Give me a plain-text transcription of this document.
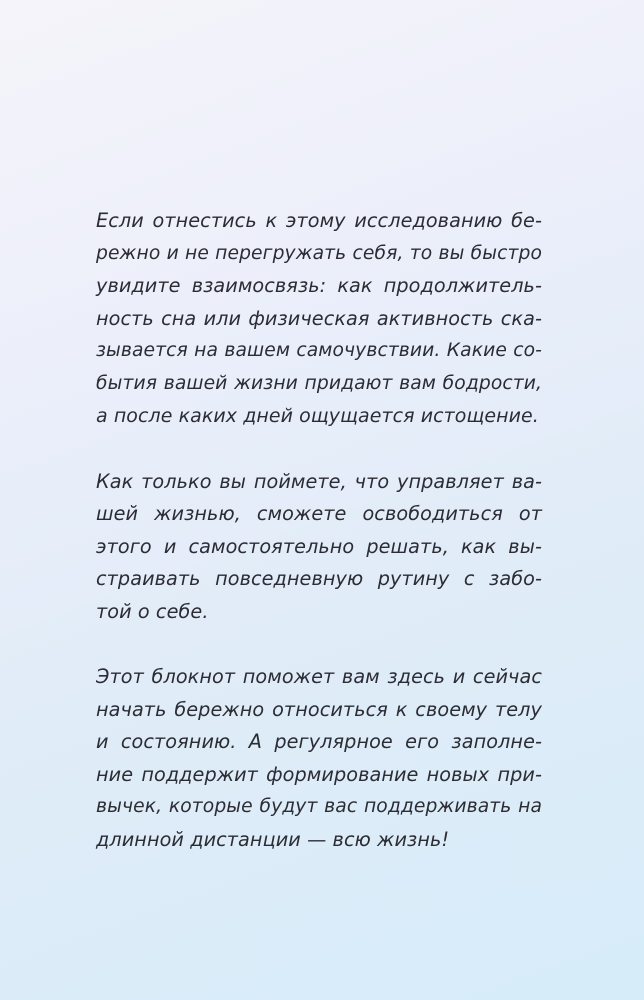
Если отнестись к этому исследованию бе-
режно и не перегружать себя, то вы быстро
увидите взаимосвязь: как продолжитель-
ность сна или физическая активность ска-
зывается на вашем самочувствии. Какие со-
бытия вашей жизни придают вам бодрости,
а после каких дней ощущается истощение.

Как только вы поймете, что управляет ва-
шей жизнью, сможете освободиться от
этого и самостоятельно решать, как вы-
страивать повседневную рутину с забо-
той о себе.

Этот блокнот поможет вам здесь и сейчас
начать бережно относиться к своему телу
и состоянию. А регулярное его заполне-
ние поддержит формирование новых при-
вычек, которые будут вас поддерживать на
длинной дистанции — всю жизнь!
